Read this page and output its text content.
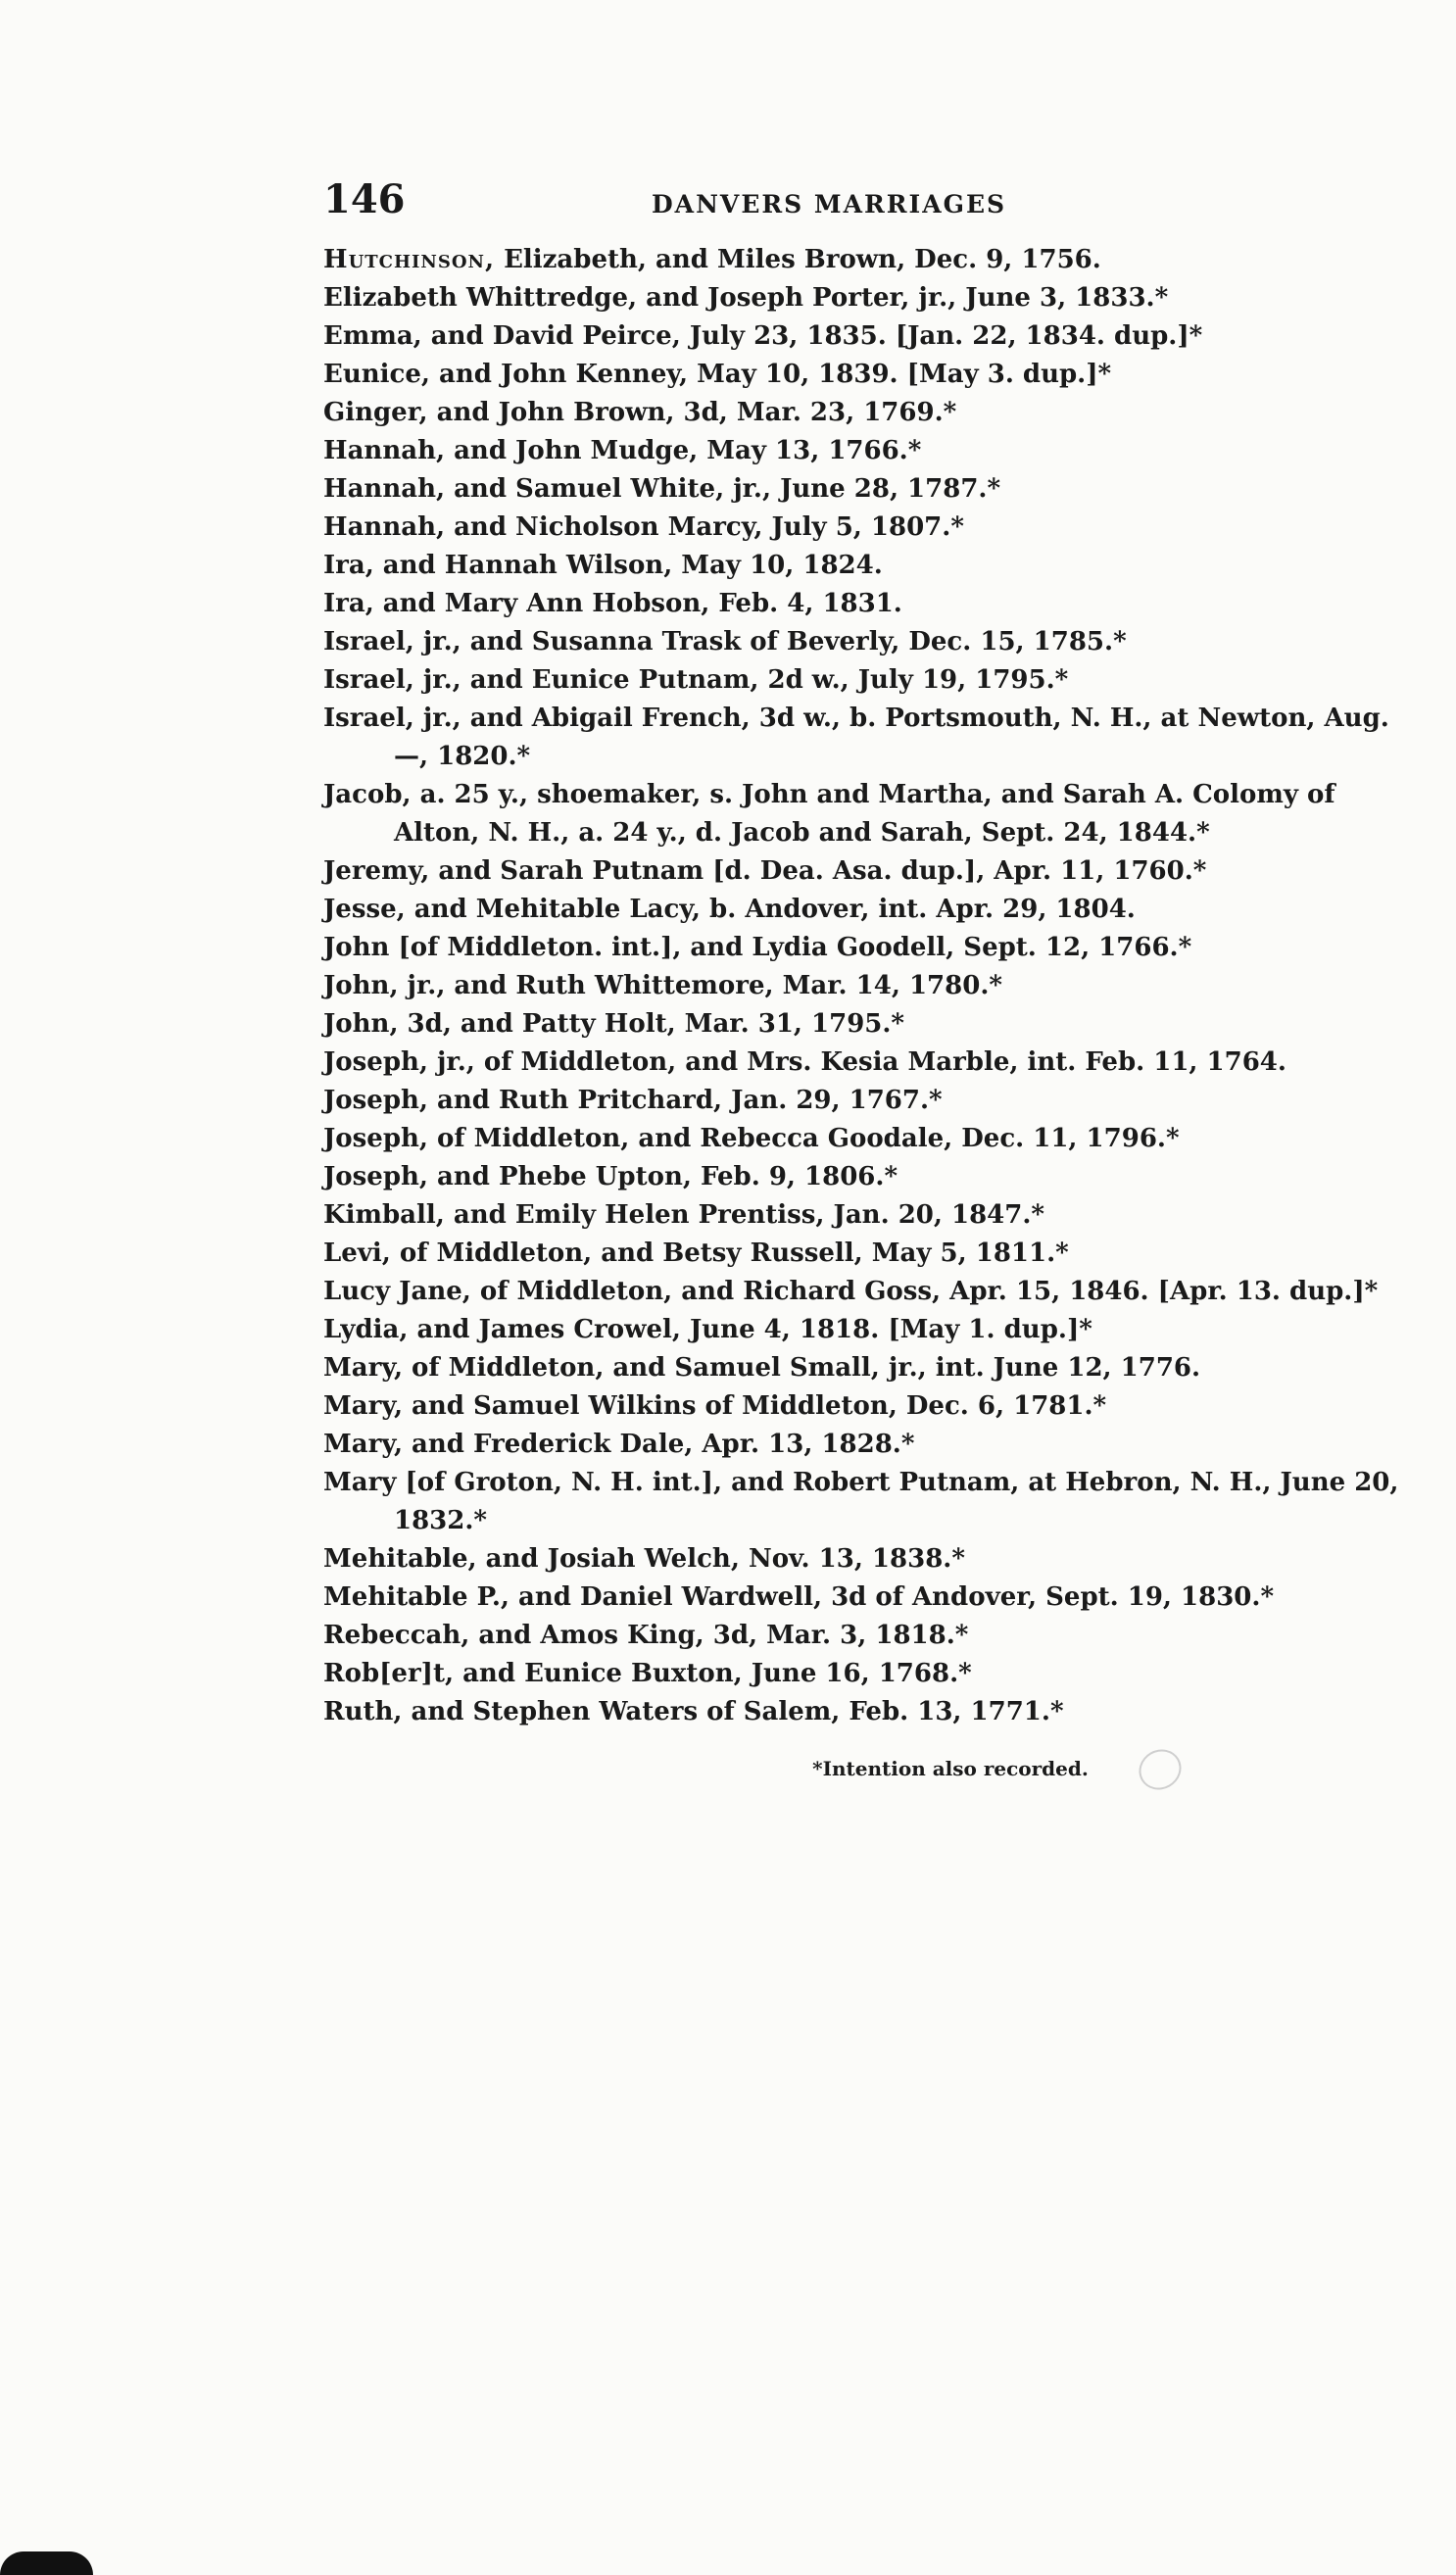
146	DANVERS MARRIAGES
Hutchinson, Elizabeth, and Miles Brown, Dec. 9, 1756.
Elizabeth Whittredge, and Joseph Porter, jr., June 3, 1833.*
Emma, and David Peirce, July 23, 1835. [Jan. 22, 1834. dup.]*
Eunice, and John Kenney, May 10, 1839. [May 3. dup.]*
Ginger, and John Brown, 3d, Mar. 23, 1769.*
Hannah, and John Mudge, May 13, 1766.*
Hannah, and Samuel White, jr., June 28, 1787.*
Hannah, and Nicholson Marcy, July 5, 1807.*
Ira, and Hannah Wilson, May 10, 1824.
Ira, and Mary Ann Hobson, Feb. 4, 1831.
Israel, jr., and Susanna Trask of Beverly, Dec. 15, 1785.*
Israel, jr., and Eunice Putnam, 2d w., July 19, 1795.*
Israel, jr., and Abigail French, 3d w., b. Portsmouth, N. H., at Newton, Aug. —, 1820.*
Jacob, a. 25 y., shoemaker, s. John and Martha, and Sarah A. Colomy of Alton, N. H., a. 24 y., d. Jacob and Sarah, Sept. 24, 1844.*
Jeremy, and Sarah Putnam [d. Dea. Asa. dup.], Apr. 11, 1760.*
Jesse, and Mehitable Lacy, b. Andover, int. Apr. 29, 1804.
John [of Middleton. int.], and Lydia Goodell, Sept. 12, 1766.*
John, jr., and Ruth Whittemore, Mar. 14, 1780.*
John, 3d, and Patty Holt, Mar. 31, 1795.*
Joseph, jr., of Middleton, and Mrs. Kesia Marble, int. Feb. 11, 1764.
Joseph, and Ruth Pritchard, Jan. 29, 1767.*
Joseph, of Middleton, and Rebecca Goodale, Dec. 11, 1796.*
Joseph, and Phebe Upton, Feb. 9, 1806.*
Kimball, and Emily Helen Prentiss, Jan. 20, 1847.*
Levi, of Middleton, and Betsy Russell, May 5, 1811.*
Lucy Jane, of Middleton, and Richard Goss, Apr. 15, 1846. [Apr. 13. dup.]*
Lydia, and James Crowel, June 4, 1818. [May 1. dup.]*
Mary, of Middleton, and Samuel Small, jr., int. June 12, 1776.
Mary, and Samuel Wilkins of Middleton, Dec. 6, 1781.*
Mary, and Frederick Dale, Apr. 13, 1828.*
Mary [of Groton, N. H. int.], and Robert Putnam, at Hebron, N. H., June 20, 1832.*
Mehitable, and Josiah Welch, Nov. 13, 1838.*
Mehitable P., and Daniel Wardwell, 3d of Andover, Sept. 19, 1830.*
Rebeccah, and Amos King, 3d, Mar. 3, 1818.*
Rob[er]t, and Eunice Buxton, June 16, 1768.*
Ruth, and Stephen Waters of Salem, Feb. 13, 1771.*
*Intention also recorded.
